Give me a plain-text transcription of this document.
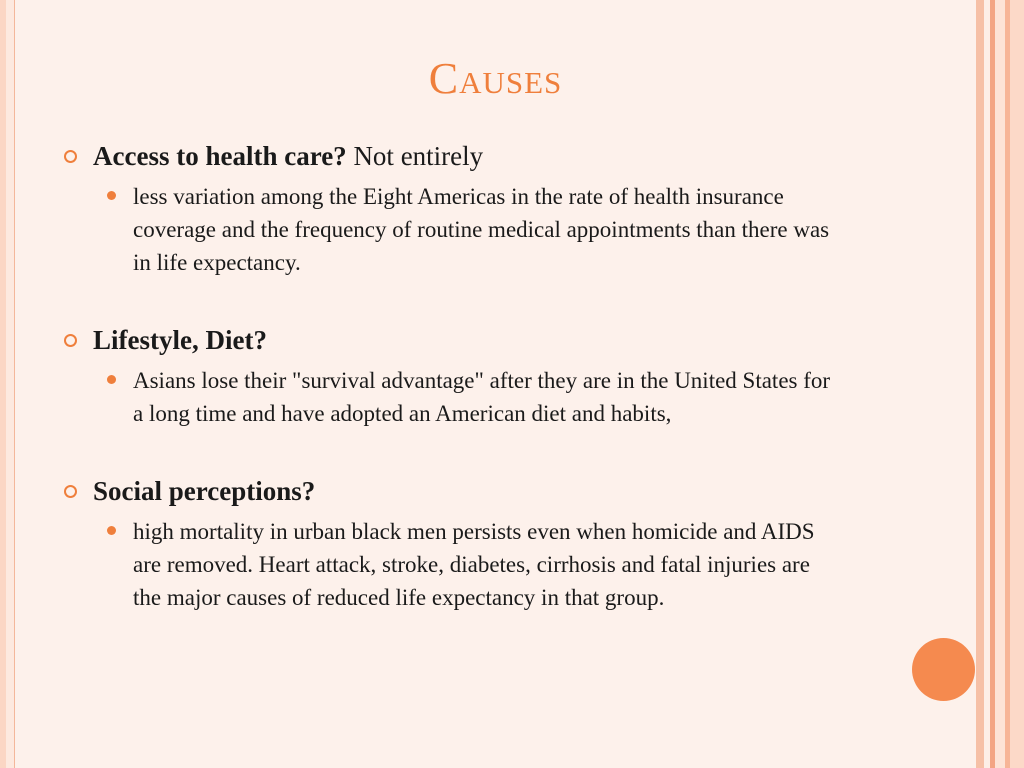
Causes
Access to health care? Not entirely
less variation among the Eight Americas in the rate of health insurance coverage and the frequency of routine medical appointments than there was in life expectancy.
Lifestyle, Diet?
Asians lose their "survival advantage" after they are in the United States for a long time and have adopted an American diet and habits,
Social perceptions?
high mortality in urban black men persists even when homicide and AIDS are removed. Heart attack, stroke, diabetes, cirrhosis and fatal injuries are the major causes of reduced life expectancy in that group.
